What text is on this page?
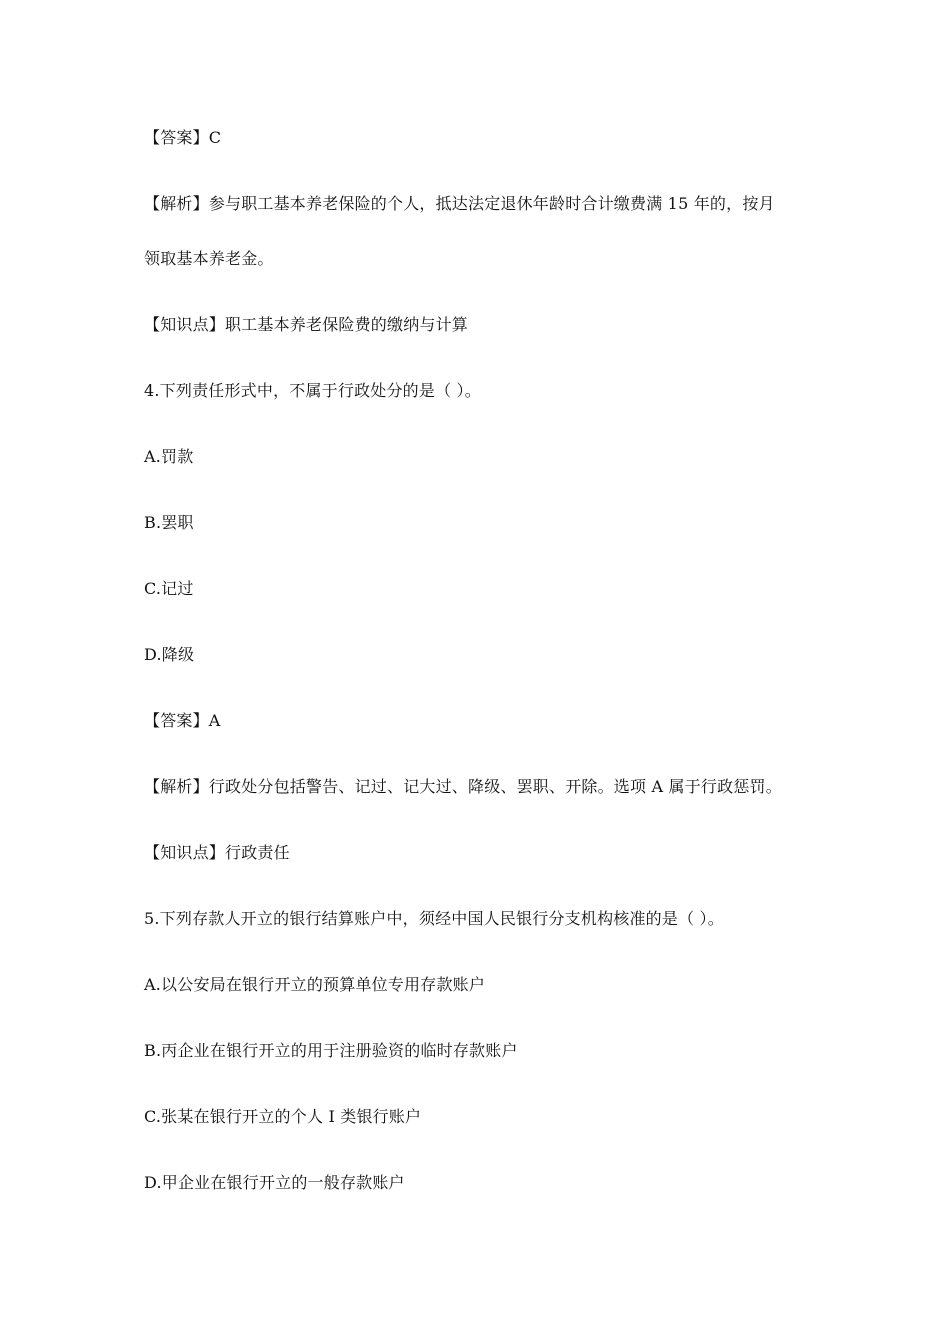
【答案】C
【解析】参与职工基本养老保险的个人，抵达法定退休年龄时合计缴费满 15 年的，按月
领取基本养老金。
【知识点】职工基本养老保险费的缴纳与计算
4.下列责任形式中，不属于行政处分的是（ ）。
A.罚款
B.罢职
C.记过
D.降级
【答案】A
【解析】行政处分包括警告、记过、记大过、降级、罢职、开除。选项 A 属于行政惩罚。
【知识点】行政责任
5.下列存款人开立的银行结算账户中，须经中国人民银行分支机构核准的是（ ）。
A.以公安局在银行开立的预算单位专用存款账户
B.丙企业在银行开立的用于注册验资的临时存款账户
C.张某在银行开立的个人 Ⅰ 类银行账户
D.甲企业在银行开立的一般存款账户
